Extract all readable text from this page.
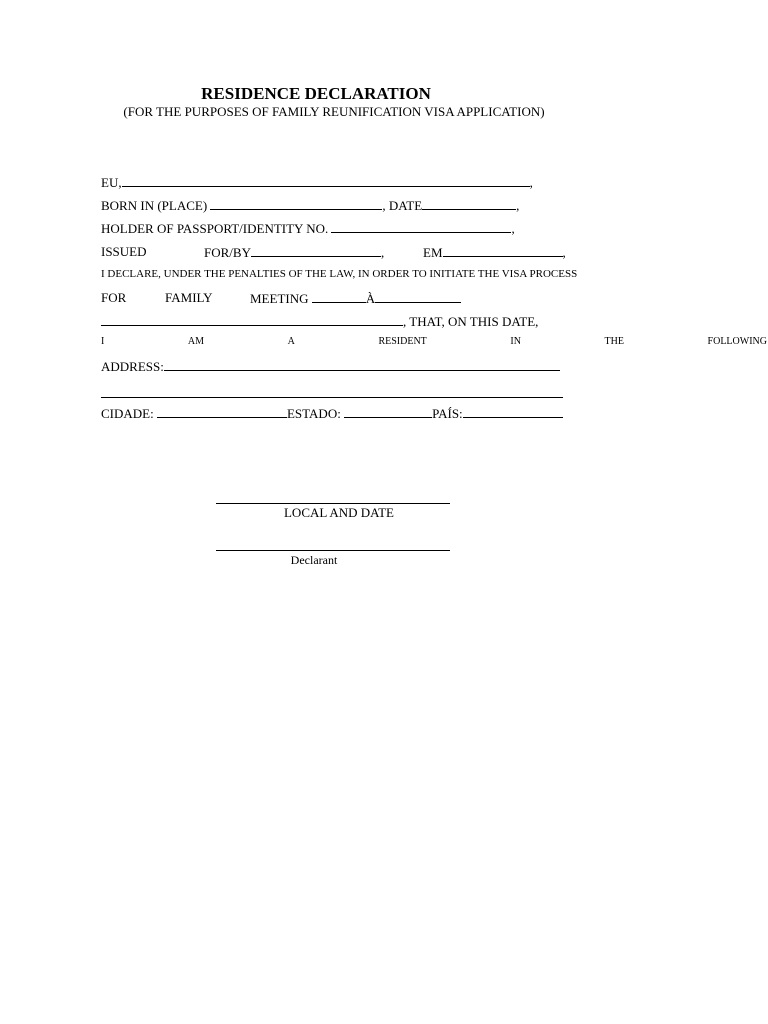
RESIDENCE DECLARATION
(FOR THE PURPOSES OF FAMILY REUNIFICATION VISA APPLICATION)
EU,	,
BORN IN (PLACE)	, DATE	,
HOLDER OF PASSPORT/IDENTITY NO.	,
ISSUED	FOR/BY	,	EM	,
I DECLARE, UNDER THE PENALTIES OF THE LAW, IN ORDER TO INITIATE THE VISA PROCESS
FOR	FAMILY	MEETING	À
, THAT, ON THIS DATE,
I	AM	A	RESIDENT	IN	THE	FOLLOWING
ADDRESS:
CIDADE:	ESTADO:	PAÍS:
LOCAL AND DATE
Declarant
